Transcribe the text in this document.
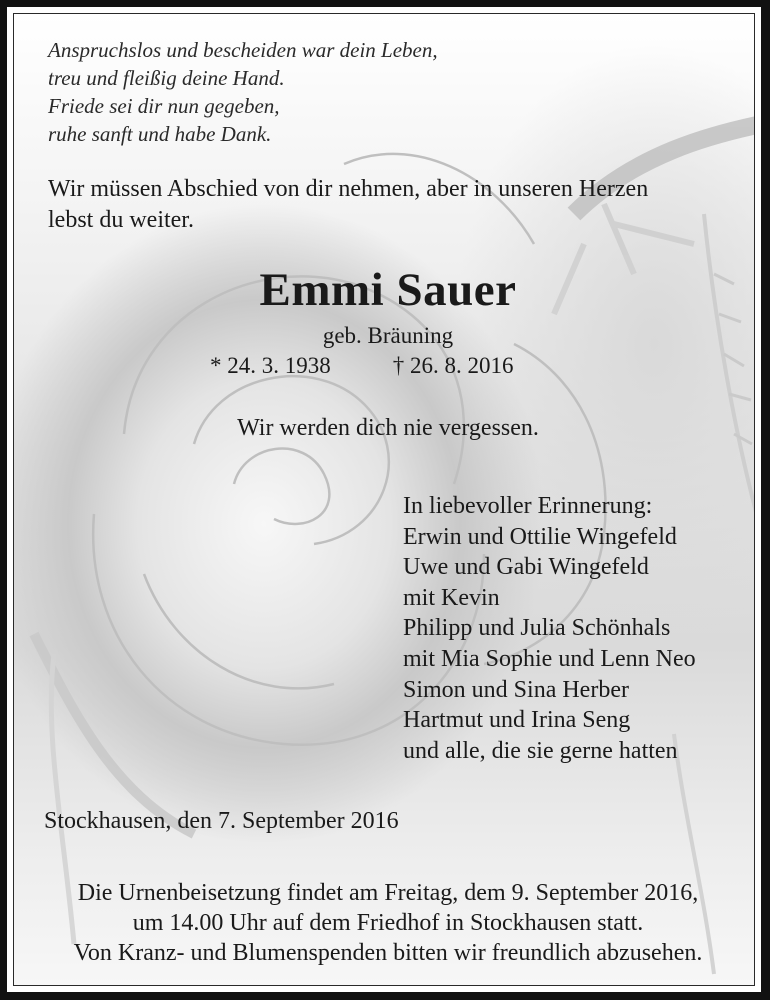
Anspruchslos und bescheiden war dein Leben,
treu und fleißig deine Hand.
Friede sei dir nun gegeben,
ruhe sanft und habe Dank.
Wir müssen Abschied von dir nehmen, aber in unseren Herzen
lebst du weiter.
Emmi Sauer
geb. Bräuning
* 24. 3. 1938	† 26. 8. 2016
Wir werden dich nie vergessen.
In liebevoller Erinnerung:
Erwin und Ottilie Wingefeld
Uwe und Gabi Wingefeld
mit Kevin
Philipp und Julia Schönhals
mit Mia Sophie und Lenn Neo
Simon und Sina Herber
Hartmut und Irina Seng
und alle, die sie gerne hatten
Stockhausen, den 7. September 2016
Die Urnenbeisetzung findet am Freitag, dem 9. September 2016,
um 14.00 Uhr auf dem Friedhof in Stockhausen statt.
Von Kranz- und Blumenspenden bitten wir freundlich abzusehen.
